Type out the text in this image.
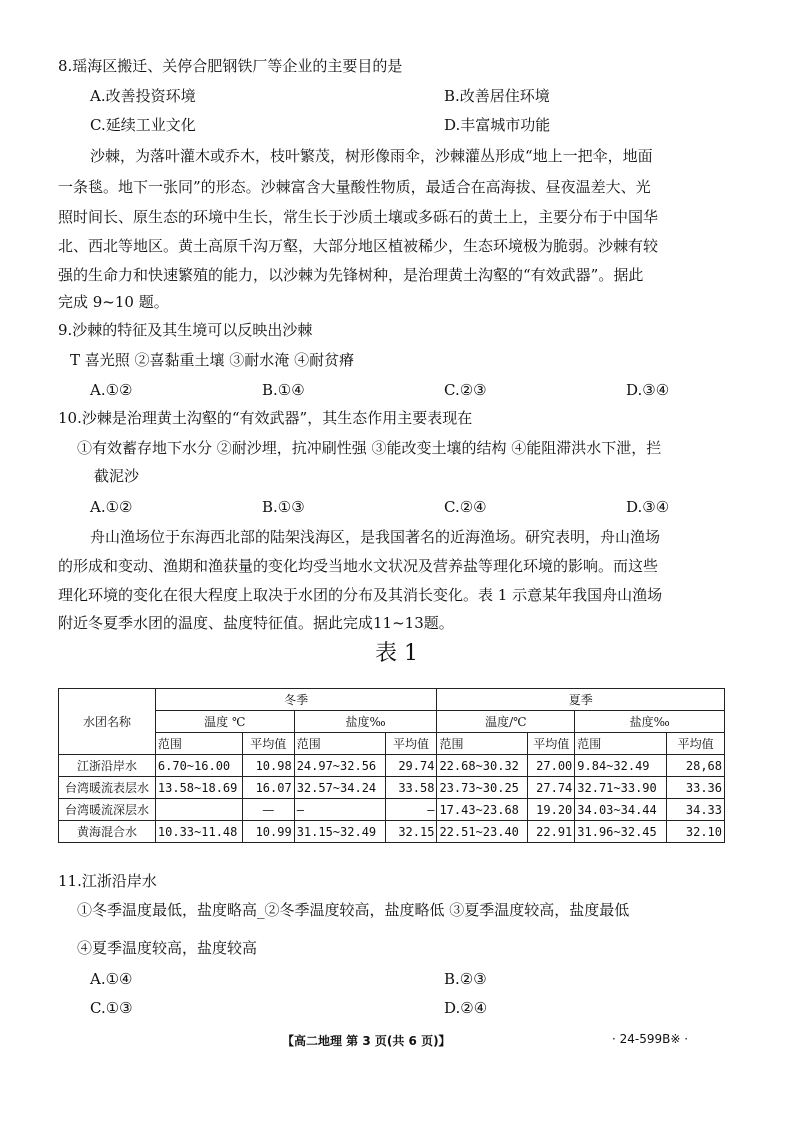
8.瑶海区搬迁、关停合肥钢铁厂等企业的主要目的是
A.改善投资环境	B.改善居住环境
C.延续工业文化	D.丰富城市功能
沙棘，为落叶灌木或乔木，枝叶繁茂，树形像雨伞，沙棘灌丛形成“地上一把伞，地面
一条毯。地下一张同”的形态。沙棘富含大量酸性物质，最适合在高海拔、昼夜温差大、光
照时间长、原生态的环境中生长，常生长于沙质土壤或多砾石的黄土上，主要分布于中国华
北、西北等地区。黄土高原千沟万壑，大部分地区植被稀少，生态环境极为脆弱。沙棘有较
强的生命力和快速繁殖的能力，以沙棘为先锋树种，是治理黄土沟壑的“有效武器”。据此
完成 9~10 题。
9.沙棘的特征及其生境可以反映出沙棘
T 喜光照 ②喜黏重土壤 ③耐水淹 ④耐贫瘠
A.①②	B.①④	C.②③	D.③④
10.沙棘是治理黄土沟壑的“有效武器”，其生态作用主要表现在
①有效蓄存地下水分 ②耐沙埋，抗冲刷性强 ③能改变土壤的结构 ④能阻滞洪水下泄，拦
截泥沙
A.①②	B.①③	C.②④	D.③④
舟山渔场位于东海西北部的陆架浅海区，是我国著名的近海渔场。研究表明，舟山渔场
的形成和变动、渔期和渔获量的变化均受当地水文状况及营养盐等理化环境的影响。而这些
理化环境的变化在很大程度上取决于水团的分布及其消长变化。表 1 示意某年我国舟山渔场
附近冬夏季水团的温度、盐度特征值。据此完成11~13题。
表 1
水团名称	冬季				夏季			
	温度 ℃		盐度‰		温度/℃		盐度‰	
	范围	平均值	范围	平均值	范围	平均值	范围	平均值
江浙沿岸水	6.70~16.00	10.98	24.97~32.56	29.74	22.68~30.32	27.00	9.84~32.49	28,68
台湾暖流表层水	13.58~18.69	16.07	32.57~34.24	33.58	23.73~30.25	27.74	32.71~33.90	33.36
台湾暖流深层水		—	—	—	17.43~23.68	19.20	34.03~34.44	34.33
黄海混合水	10.33~11.48	10.99	31.15~32.49	32.15	22.51~23.40	22.91	31.96~32.45	32.10
11.江浙沿岸水
①冬季温度最低，盐度略高_②冬季温度较高，盐度略低 ③夏季温度较高，盐度最低
④夏季温度较高，盐度较高
A.①④	B.②③
C.①③	D.②④
【高二地理 第 3 页(共 6 页)】	· 24-599B※ ·
